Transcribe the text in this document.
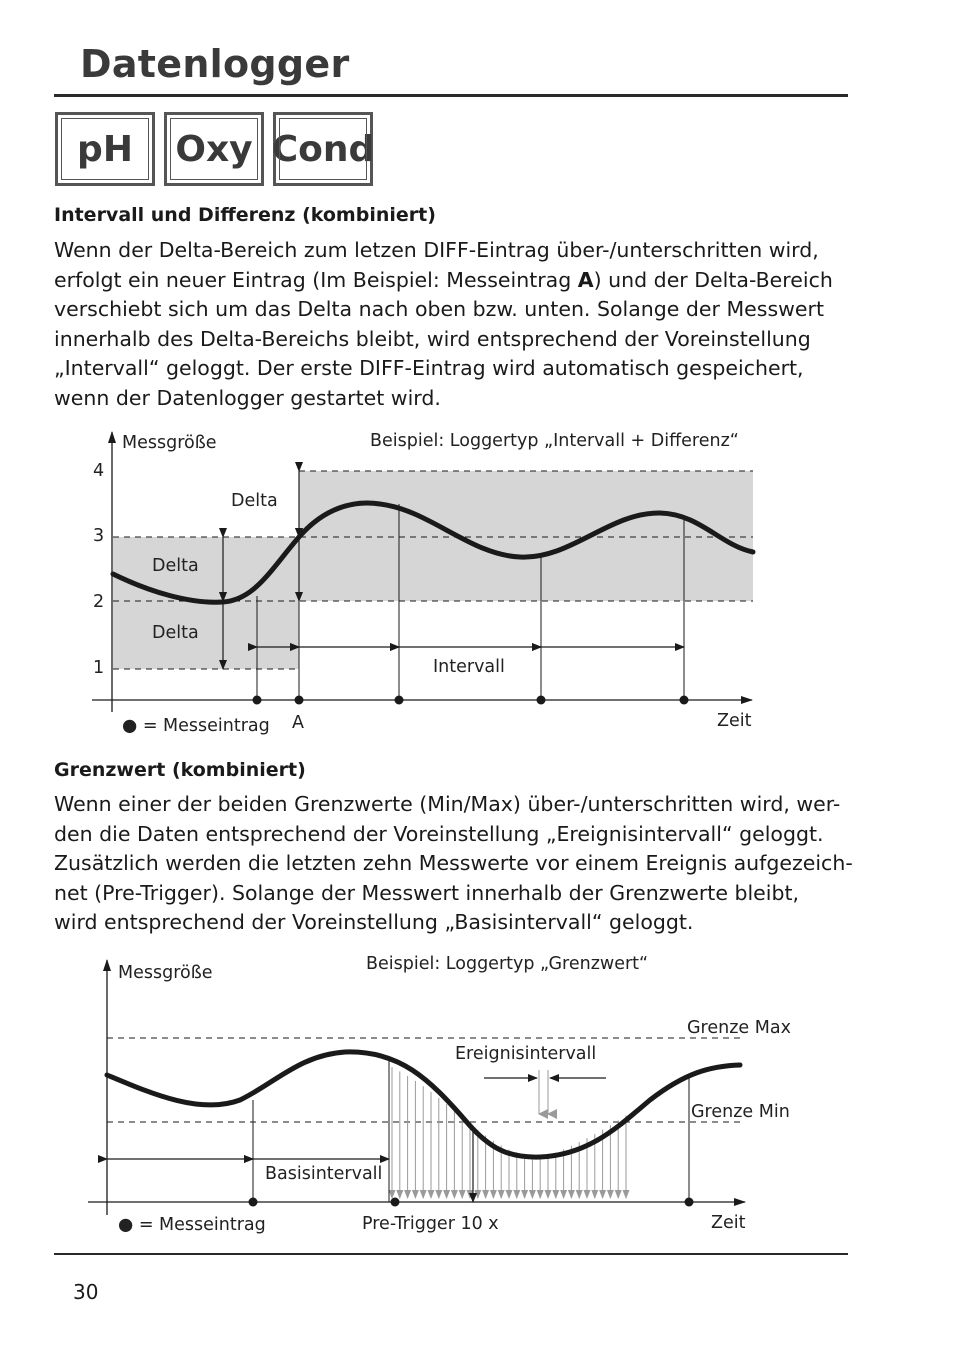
Datenlogger
pH Oxy Cond
Intervall und Differenz (kombiniert)
Wenn der Delta-Bereich zum letzen DIFF-Eintrag über-/unterschritten wird,
erfolgt ein neuer Eintrag (Im Beispiel: Messeintrag A) und der Delta-Bereich
verschiebt sich um das Delta nach oben bzw. unten. Solange der Messwert
innerhalb des Delta-Bereichs bleibt, wird entsprechend der Voreinstellung
„Intervall“ geloggt. Der erste DIFF-Eintrag wird automatisch gespeichert,
wenn der Datenlogger gestartet wird.
4
3
2
1
Messgröße	Beispiel: Loggertyp „Intervall + Differenz“
Delta
Delta
Delta
Intervall
● = Messeintrag A	Zeit
Messgröße	Beispiel: Loggertyp „Grenzwert“
Grenze Max
Grenze Min
Basisintervall
Ereignisintervall
● = Messeintrag	Pre-Trigger 10 x	Zeit
Grenzwert (kombiniert)
Wenn einer der beiden Grenzwerte (Min/Max) über-/unterschritten wird, wer-
den die Daten entsprechend der Voreinstellung „Ereignisintervall“ geloggt.
Zusätzlich werden die letzten zehn Messwerte vor einem Ereignis aufgezeich-
net (Pre-Trigger). Solange der Messwert innerhalb der Grenzwerte bleibt,
wird entsprechend der Voreinstellung „Basisintervall“ geloggt.
30
